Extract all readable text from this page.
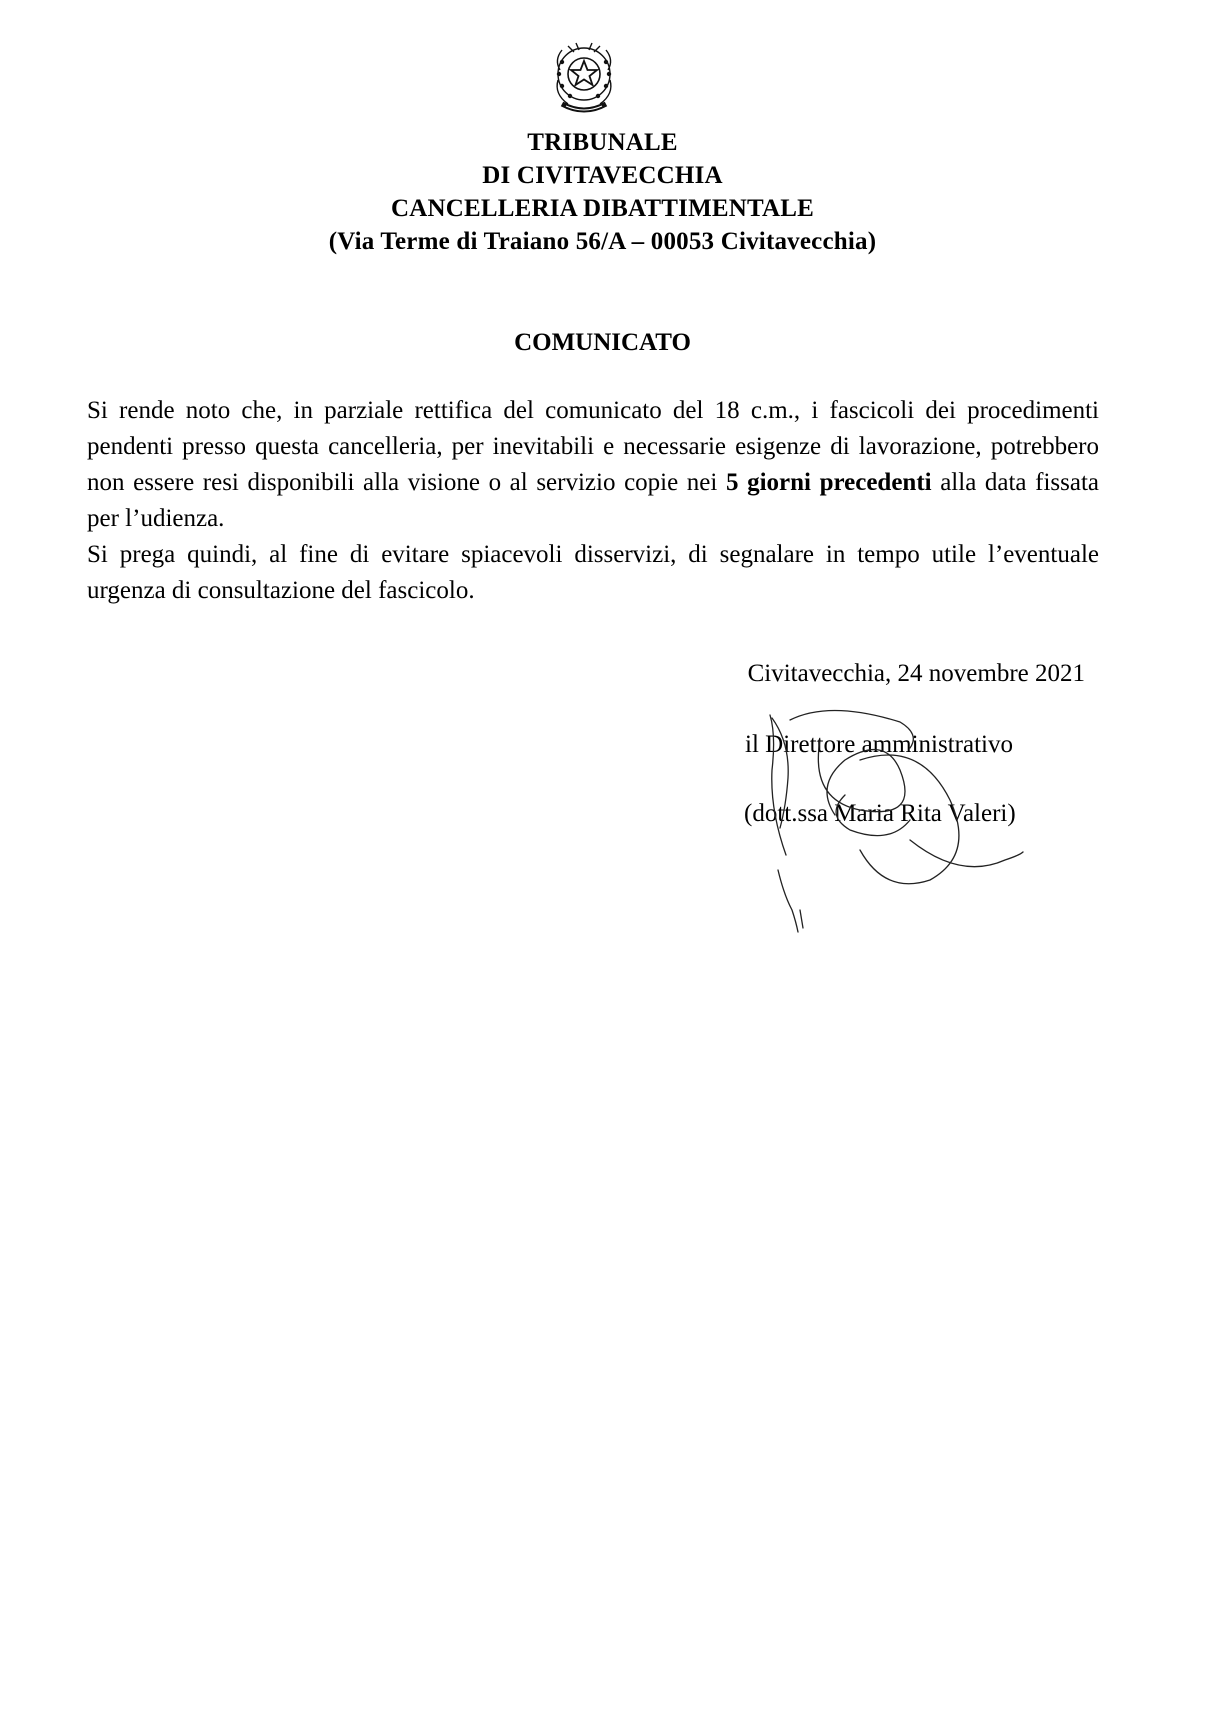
TRIBUNALE
DI CIVITAVECCHIA
CANCELLERIA DIBATTIMENTALE
(Via Terme di Traiano 56/A – 00053 Civitavecchia)
COMUNICATO

Si rende noto che, in parziale rettifica del comunicato del 18 c.m., i fascicoli dei procedimenti pendenti presso questa cancelleria, per inevitabili e necessarie esigenze di lavorazione, potrebbero non essere resi disponibili alla visione o al servizio copie nei 5 giorni precedenti alla data fissata per l’udienza.

Si prega quindi, al fine di evitare spiacevoli disservizi, di segnalare in tempo utile l’eventuale urgenza di consultazione del fascicolo.

Civitavecchia, 24 novembre 2021
il Direttore amministrativo
(dott.ssa Maria Rita Valeri)
